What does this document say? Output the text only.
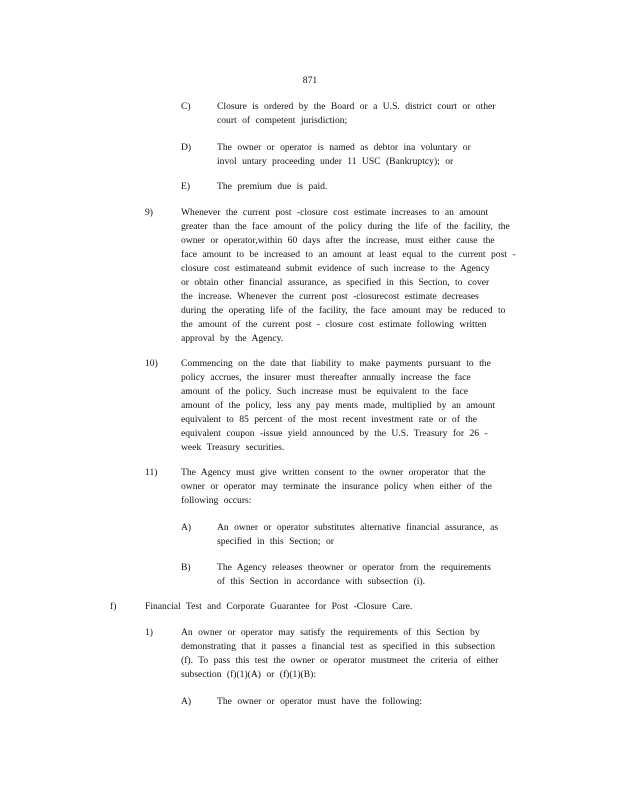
871
C)	Closure is ordered by the Board or a U.S. district court or other
court of competent jurisdiction;
D)	The owner or operator is named as debtor ina voluntary or
invol untary proceeding under 11 USC (Bankruptcy); or
E)	The premium due is paid.
9)	Whenever the current post -closure cost estimate increases to an amount
greater than the face amount of the policy during the life of the facility, the
owner or operator,within 60 days after the increase, must either cause the
face amount to be increased to an amount at least equal to the current post -
closure cost estimateand submit evidence of such increase to the Agency
or obtain other financial assurance, as specified in this Section, to cover
the increase. Whenever the current post -closurecost estimate decreases
during the operating life of the facility, the face amount may be reduced to
the amount of the current post - closure cost estimate following written
approval by the Agency.
10) Commencing on the date that liability to make payments pursuant to the
policy accrues, the insurer must thereafter annually increase the face
amount of the policy. Such increase must be equivalent to the face
amount of the policy, less any pay ments made, multiplied by an amount
equivalent to 85 percent of the most recent investment rate or of the
equivalent coupon -issue yield announced by the U.S. Treasury for 26 -
week Treasury securities.
11) The Agency must give written consent to the owner oroperator that the
owner or operator may terminate the insurance policy when either of the
following occurs:
A)	An owner or operator substitutes alternative financial assurance, as
specified in this Section; or
B)	The Agency releases theowner or operator from the requirements
of this Section in accordance with subsection (i).
f)	Financial Test and Corporate Guarantee for Post -Closure Care.
1)	An owner or operator may satisfy the requirements of this Section by
demonstrating that it passes a financial test as specified in this subsection
(f). To pass this test the owner or operator mustmeet the criteria of either
subsection (f)(1)(A) or (f)(1)(B):
A)	The owner or operator must have the following:
